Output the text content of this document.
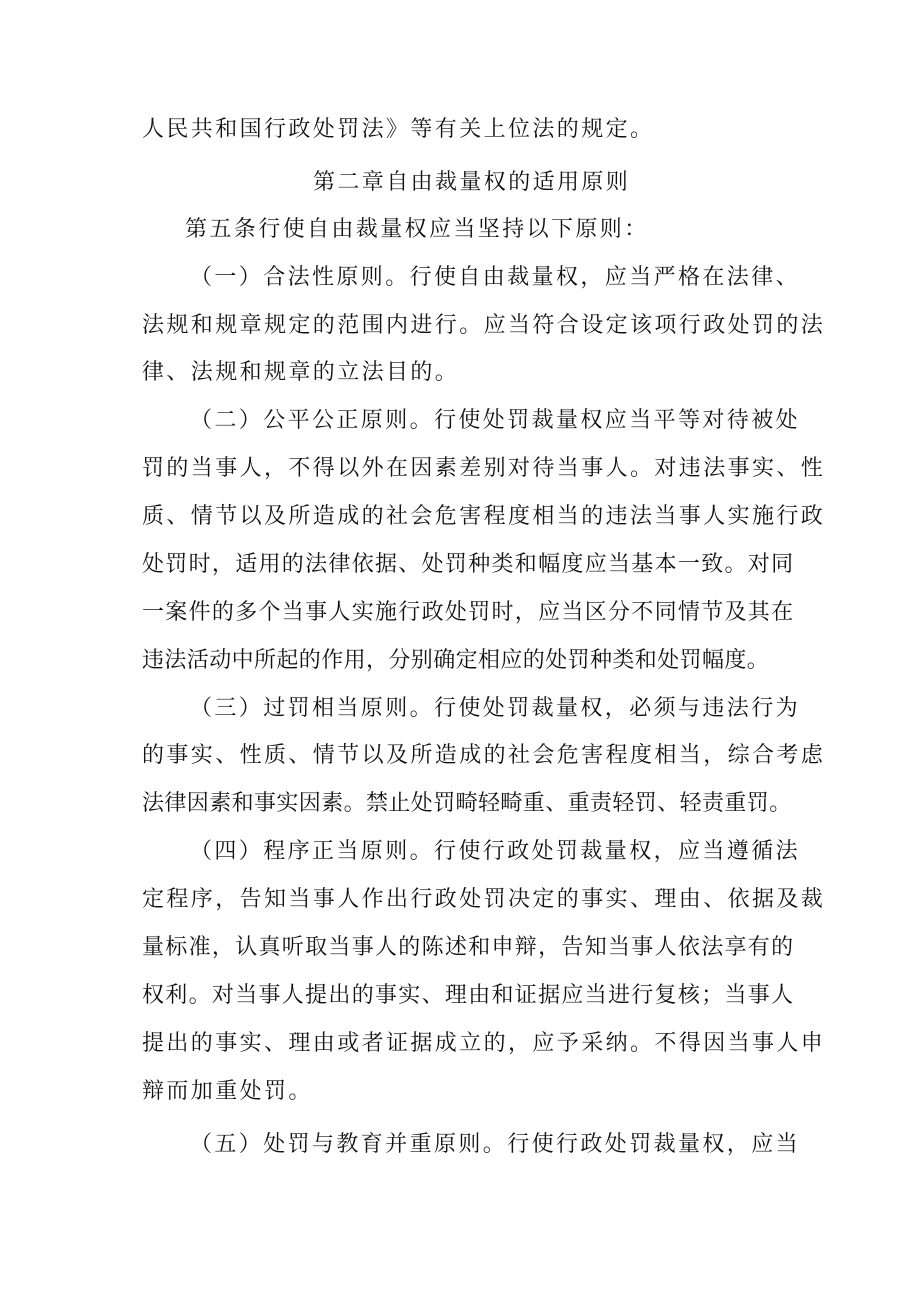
人民共和国行政处罚法》等有关上位法的规定。
第二章自由裁量权的适用原则
第五条行使自由裁量权应当坚持以下原则：
（一）合法性原则。行使自由裁量权，应当严格在法律、
法规和规章规定的范围内进行。应当符合设定该项行政处罚的法
律、法规和规章的立法目的。
（二）公平公正原则。行使处罚裁量权应当平等对待被处
罚的当事人，不得以外在因素差别对待当事人。对违法事实、性
质、情节以及所造成的社会危害程度相当的违法当事人实施行政
处罚时，适用的法律依据、处罚种类和幅度应当基本一致。对同
一案件的多个当事人实施行政处罚时，应当区分不同情节及其在
违法活动中所起的作用，分别确定相应的处罚种类和处罚幅度。
（三）过罚相当原则。行使处罚裁量权，必须与违法行为
的事实、性质、情节以及所造成的社会危害程度相当，综合考虑
法律因素和事实因素。禁止处罚畸轻畸重、重责轻罚、轻责重罚。
（四）程序正当原则。行使行政处罚裁量权，应当遵循法
定程序，告知当事人作出行政处罚决定的事实、理由、依据及裁
量标准，认真听取当事人的陈述和申辩，告知当事人依法享有的
权利。对当事人提出的事实、理由和证据应当进行复核；当事人
提出的事实、理由或者证据成立的，应予采纳。不得因当事人申
辩而加重处罚。
（五）处罚与教育并重原则。行使行政处罚裁量权，应当
